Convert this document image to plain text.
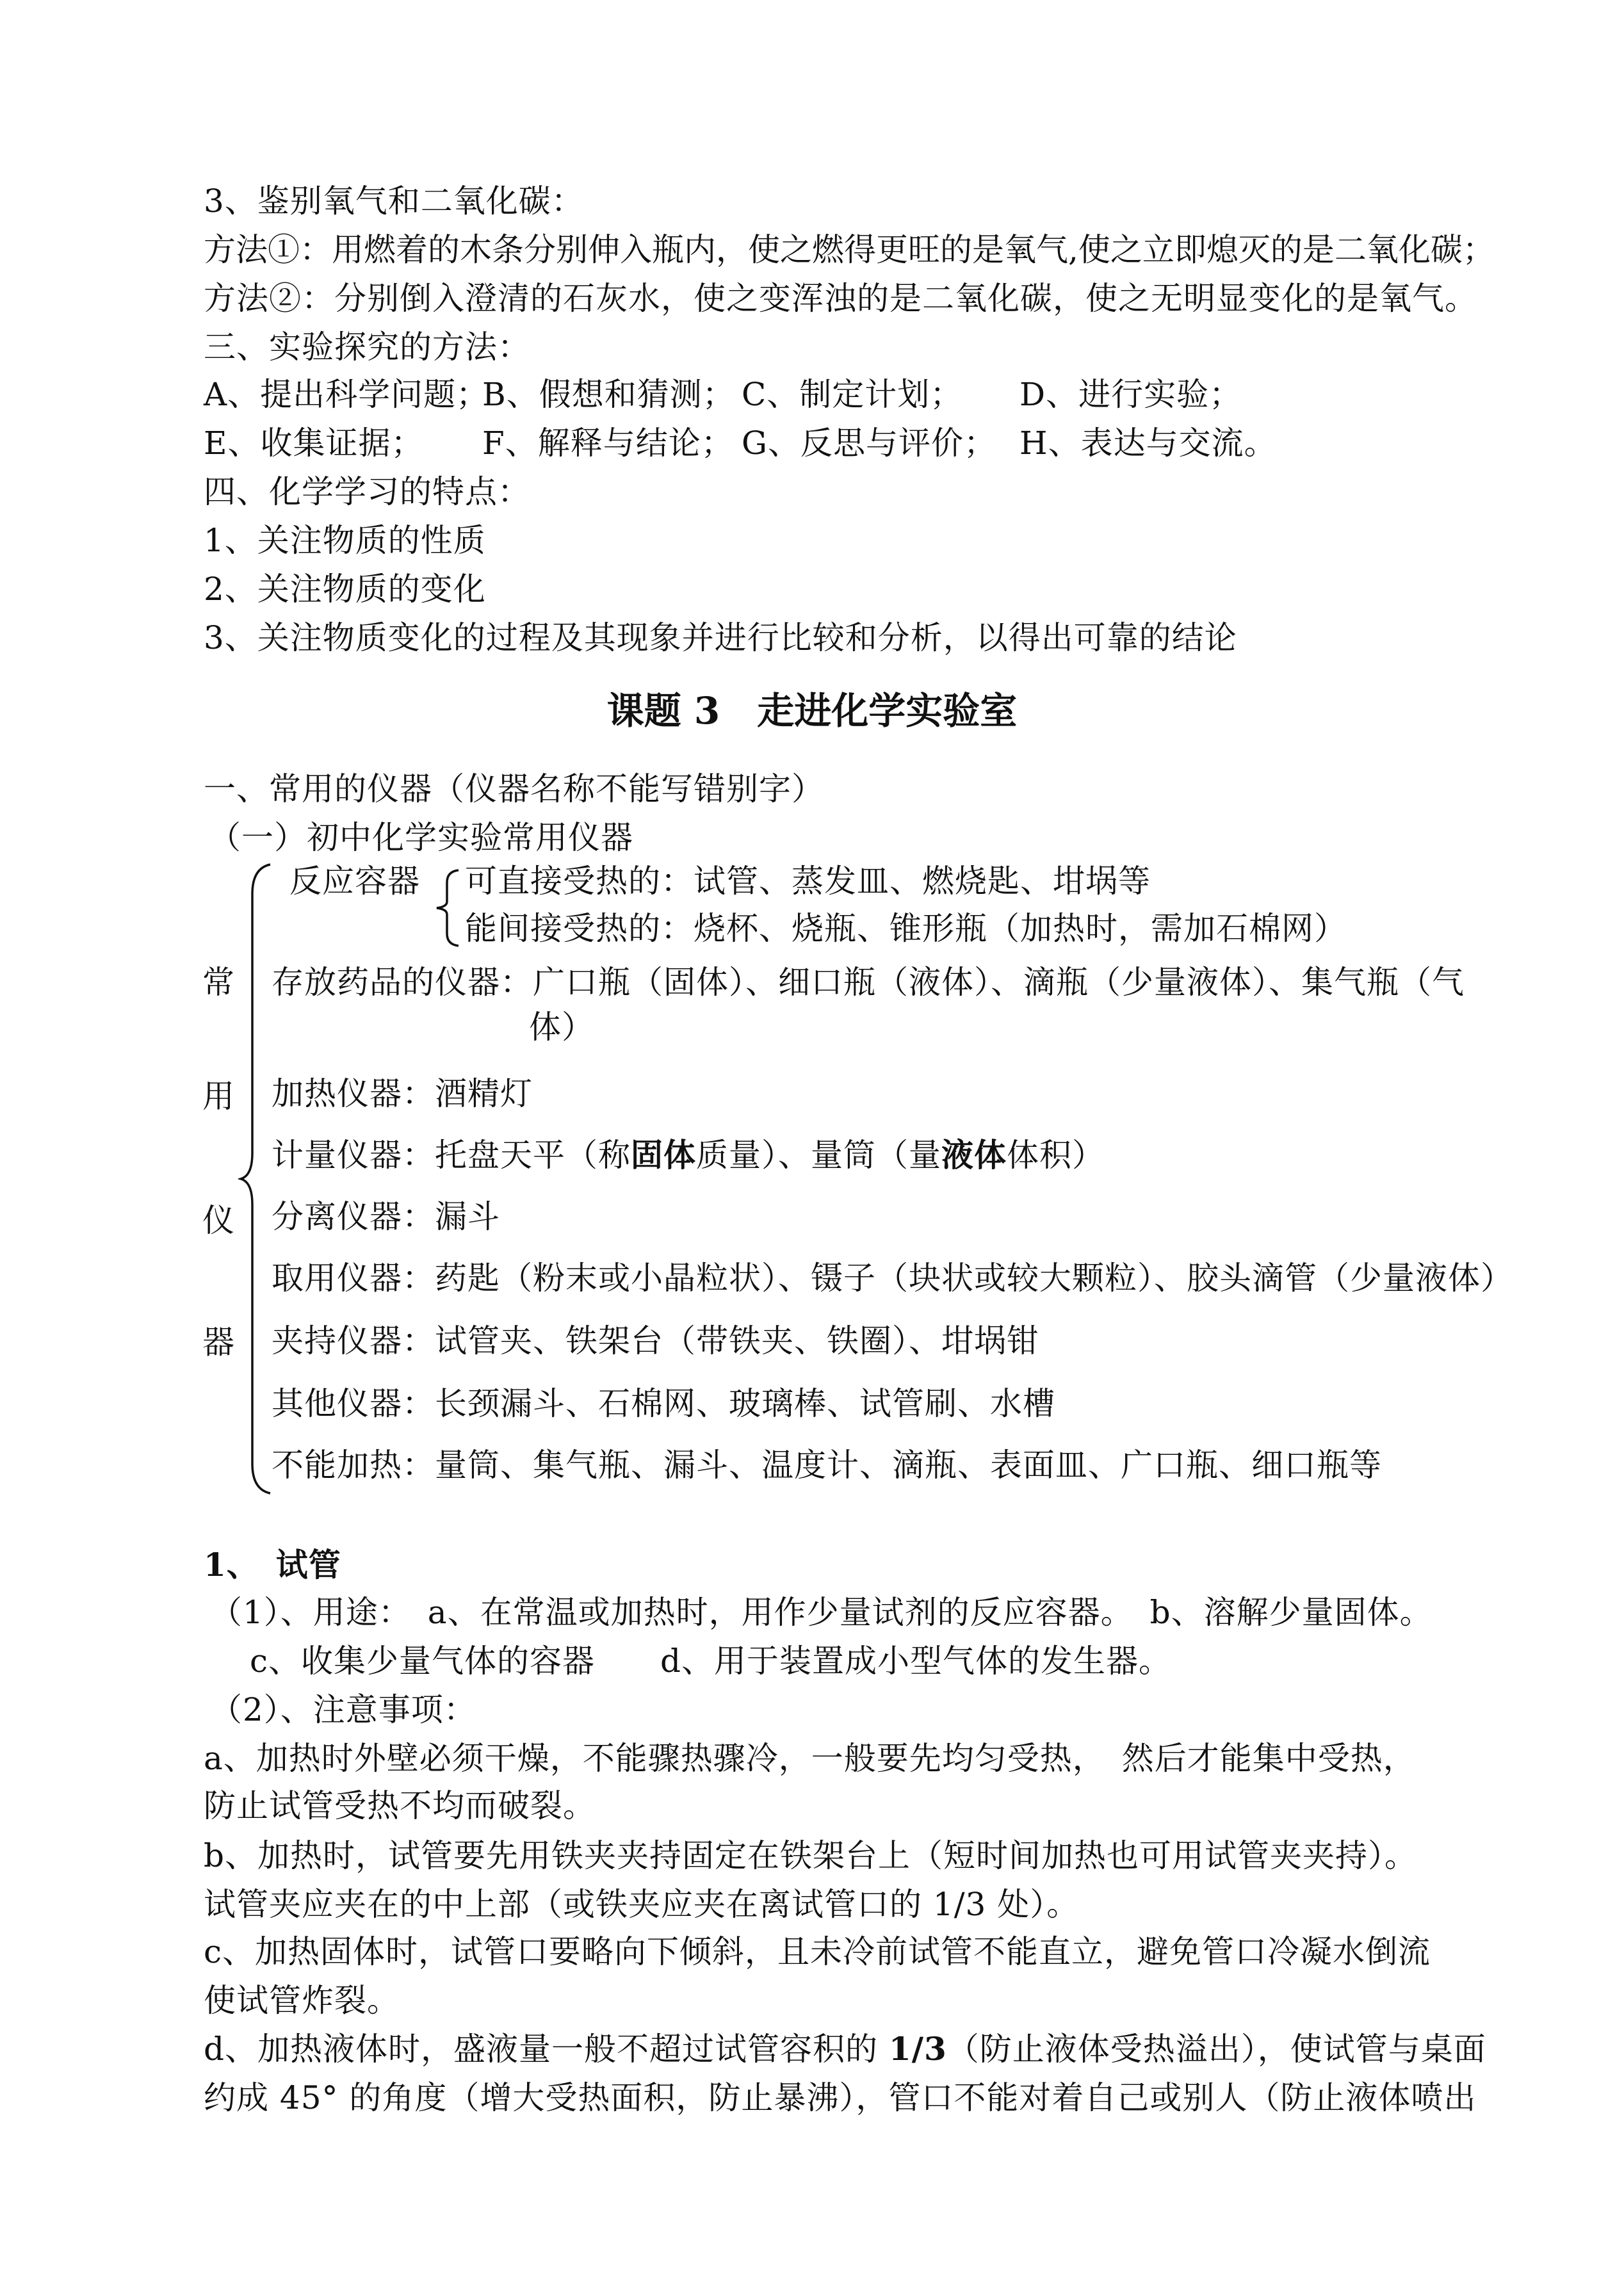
3、鉴别氧气和二氧化碳：
方法①：用燃着的木条分别伸入瓶内，使之燃得更旺的是氧气,使之立即熄灭的是二氧化碳；
方法②：分别倒入澄清的石灰水，使之变浑浊的是二氧化碳，使之无明显变化的是氧气。
三、实验探究的方法：
A、提出科学问题；
B、假想和猜测； C、制定计划； D、进行实验；
E、收集证据； F、解释与结论； G、反思与评价； H、表达与交流。
四、化学学习的特点：
1、关注物质的性质
2、关注物质的变化
3、关注物质变化的过程及其现象并进行比较和分析，以得出可靠的结论
课题 3　走进化学实验室
一、常用的仪器（仪器名称不能写错别字）
（一）初中化学实验常用仪器
常
用
仪
器
反应容器 可直接受热的：试管、蒸发皿、燃烧匙、坩埚等
能间接受热的：烧杯、烧瓶、锥形瓶（加热时，需加石棉网）
存放药品的仪器：广口瓶（固体）、细口瓶（液体）、滴瓶（少量液体）、集气瓶（气
体）
加热仪器：酒精灯
计量仪器：托盘天平（称固体质量）、量筒（量液体体积）
分离仪器：漏斗
取用仪器：药匙（粉末或小晶粒状）、镊子（块状或较大颗粒）、胶头滴管（少量液体）
夹持仪器：试管夹、铁架台（带铁夹、铁圈）、坩埚钳
其他仪器：长颈漏斗、石棉网、玻璃棒、试管刷、水槽
不能加热：量筒、集气瓶、漏斗、温度计、滴瓶、表面皿、广口瓶、细口瓶等
1、　试管
（1）、用途：　a、在常温或加热时，用作少量试剂的反应容器。　b、溶解少量固体。
c、收集少量气体的容器　　d、用于装置成小型气体的发生器。
（2）、注意事项：
a、加热时外壁必须干燥，不能骤热骤冷，一般要先均匀受热，　然后才能集中受热，
防止试管受热不均而破裂。
b、加热时，试管要先用铁夹夹持固定在铁架台上（短时间加热也可用试管夹夹持）。
试管夹应夹在的中上部（或铁夹应夹在离试管口的 1/3 处）。
c、加热固体时，试管口要略向下倾斜，且未冷前试管不能直立，避免管口冷凝水倒流
使试管炸裂。
d、加热液体时，盛液量一般不超过试管容积的 1/3（防止液体受热溢出），使试管与桌面
约成 45° 的角度（增大受热面积，防止暴沸），管口不能对着自己或别人（防止液体喷出
